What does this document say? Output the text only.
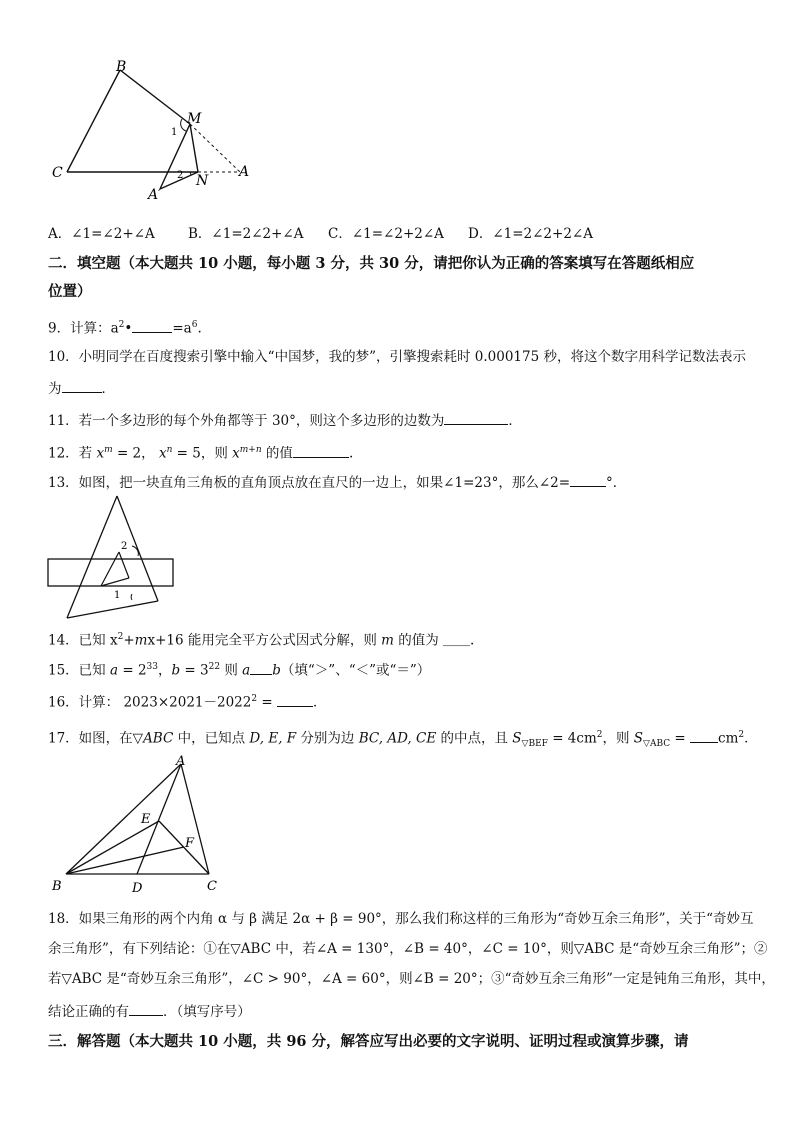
B
C
M
A
A′
N
1
2
A．∠1=∠2+∠A B．∠1=2∠2+∠A C．∠1=∠2+2∠A D．∠1=2∠2+2∠A
二．填空题（本大题共 10 小题，每小题 3 分，共 30 分，请把你认为正确的答案填写在答题纸相应
位置）
9．计算：$a^2•$	$=a^6$.
10．小明同学在百度搜索引擎中输入“中国梦，我的梦”，引擎搜索耗时 0.000175 秒，将这个数字用科学记数法表示
为	．
11．若一个多边形的每个外角都等于 30°，则这个多边形的边数为	．
12．若 $x^m = 2$， $x^n = 5$，则 $x^{m+n}$ 的值	.
13．如图，把一块直角三角板的直角顶点放在直尺的一边上，如果∠1=23°，那么∠2=	°．
2
1
14．已知 $x^2+mx+16$ 能用完全平方公式因式分解，则 m 的值为 ＿＿.
15．已知 $a = 2^{33}$，$b = 3^{22}$ 则 a b（填“＞”、“＜”或“＝”）
16．计算： $2023\times 2021-2022^2$ =	．
17．如图，在▽ABC 中，已知点 D, E, F 分别为边 BC, AD, CE 的中点，且 $S_{▽BEF} = 4cm^2$，则 $S_{▽ABC} = cm^2$．
A
B	C
D
E
F
18．如果三角形的两个内角 α 与 β 满足 2α + β = 90°，那么我们称这样的三角形为“奇妙互余三角形”，关于“奇妙互
余三角形”，有下列结论：①在▽ABC 中，若∠A = 130°，∠B = 40°，∠C = 10°，则▽ABC 是“奇妙互余三角形”；②
若▽ABC 是“奇妙互余三角形”，∠C > 90°，∠A = 60°，则∠B = 20°；③“奇妙互余三角形”一定是钝角三角形，其中，
结论正确的有	．（填写序号）
三．解答题（本大题共 10 小题，共 96 分，解答应写出必要的文字说明、证明过程或演算步骤，请
